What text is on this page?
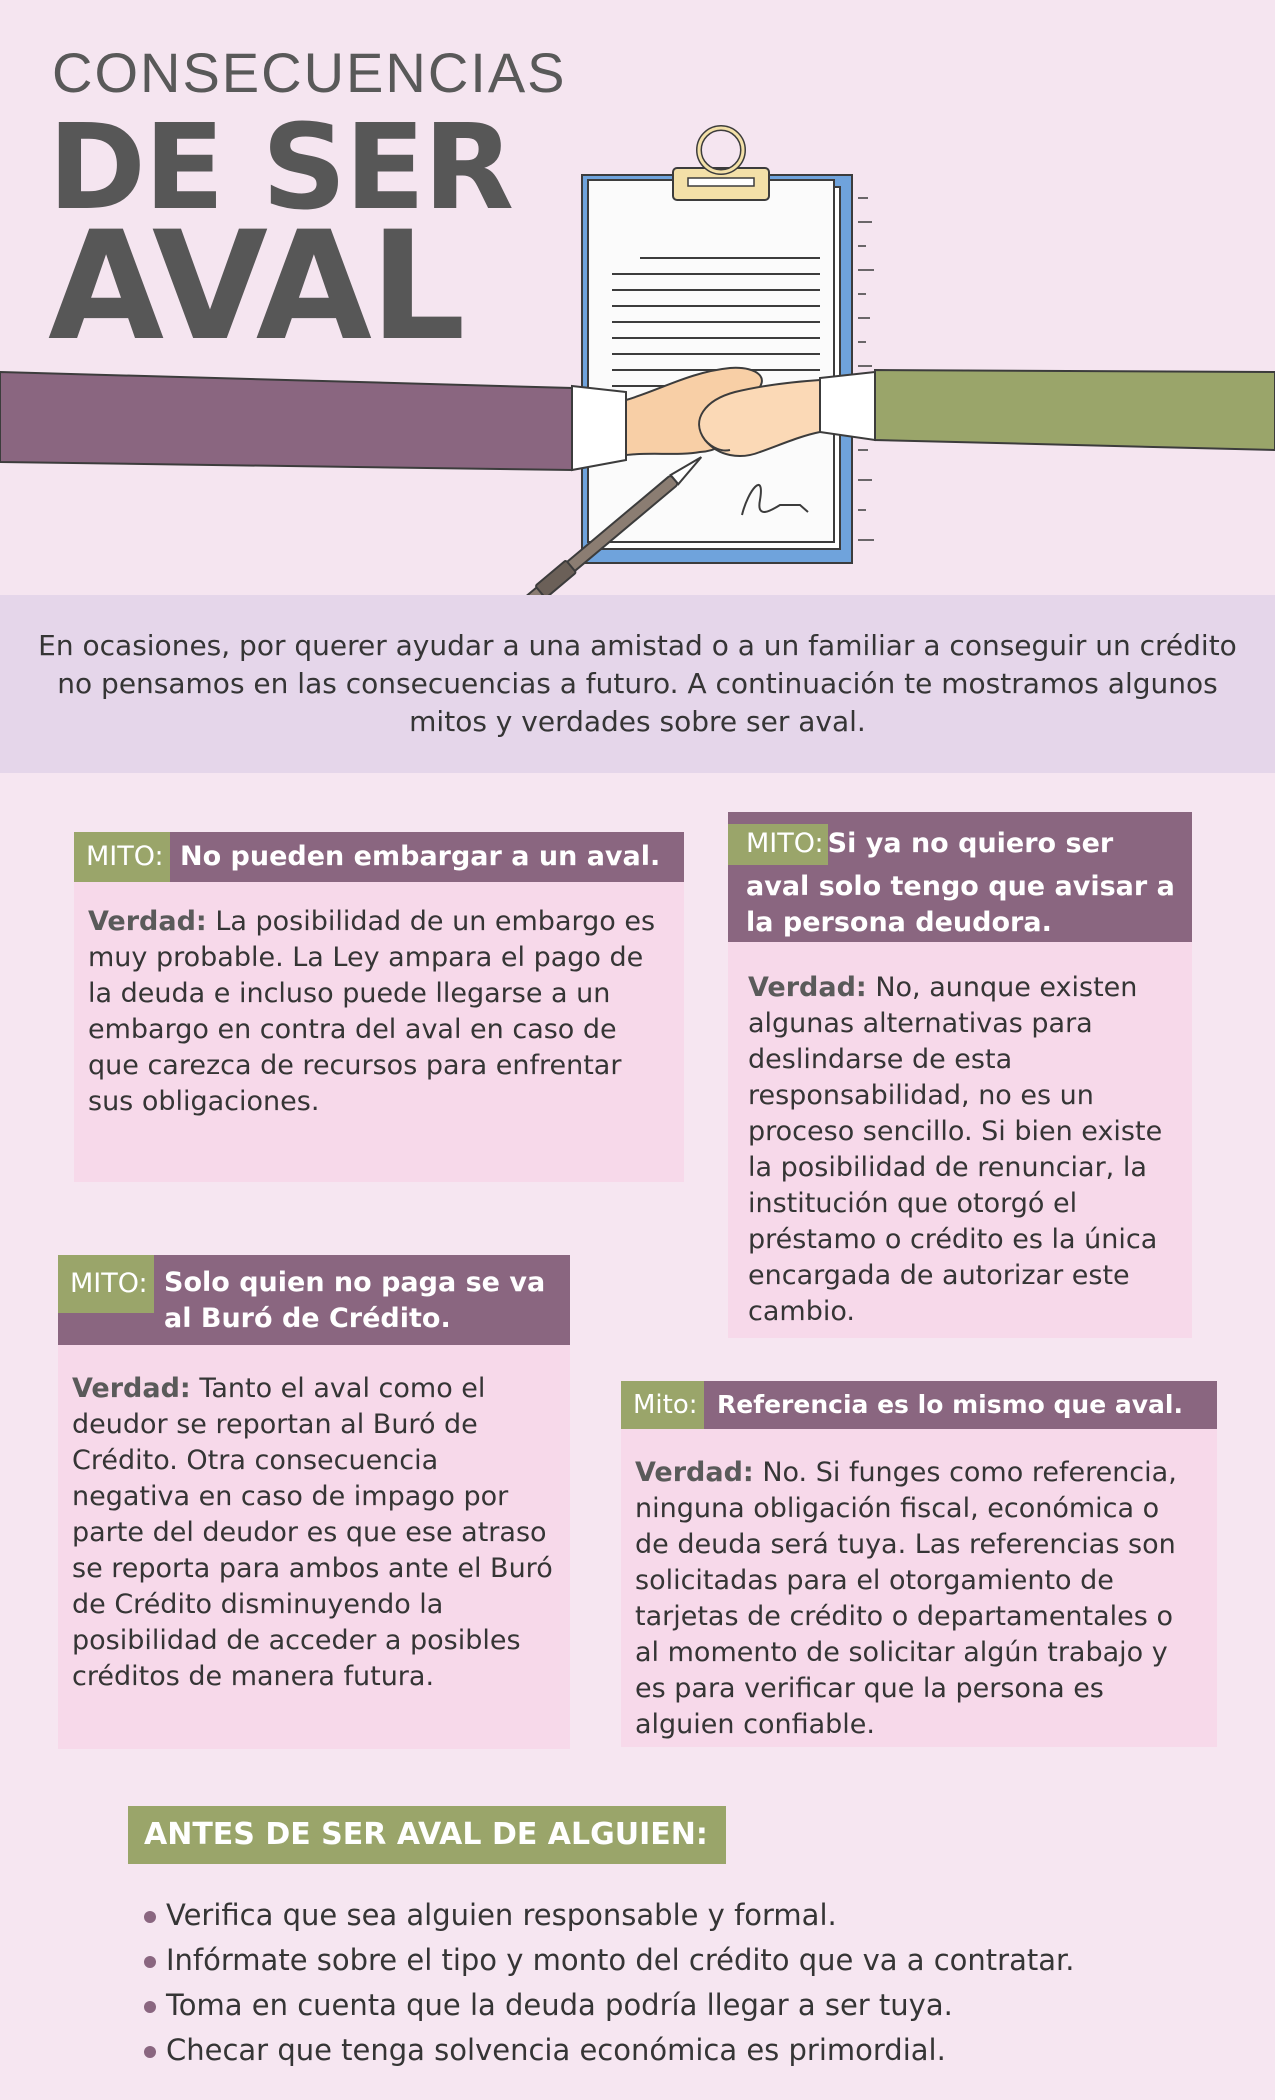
CONSECUENCIAS
DE SER
AVAL

En ocasiones, por querer ayudar a una amistad o a un familiar a conseguir un crédito no pensamos en las consecuencias a futuro. A continuación te mostramos algunos mitos y verdades sobre ser aval.

MITO: No pueden embargar a un aval.
Verdad: La posibilidad de un embargo es muy probable. La Ley ampara el pago de la deuda e incluso puede llegarse a un embargo en contra del aval en caso de que carezca de recursos para enfrentar sus obligaciones.
MITO: Si ya no quiero ser aval solo tengo que avisar a la persona deudora.
Verdad: No, aunque existen algunas alternativas para deslindarse de esta responsabilidad, no es un proceso sencillo. Si bien existe la posibilidad de renunciar, la institución que otorgó el préstamo o crédito es la única encargada de autorizar este cambio.
MITO: Solo quien no paga se va al Buró de Crédito.
Verdad: Tanto el aval como el deudor se reportan al Buró de Crédito. Otra consecuencia negativa en caso de impago por parte del deudor es que ese atraso se reporta para ambos ante el Buró de Crédito disminuyendo la posibilidad de acceder a posibles créditos de manera futura.
Mito: Referencia es lo mismo que aval.
Verdad: No. Si funges como referencia, ninguna obligación fiscal, económica o de deuda será tuya. Las referencias son solicitadas para el otorgamiento de tarjetas de crédito o departamentales o al momento de solicitar algún trabajo y es para verificar que la persona es alguien confiable.
ANTES DE SER AVAL DE ALGUIEN:
Verifica que sea alguien responsable y formal.
Infórmate sobre el tipo y monto del crédito que va a contratar.
Toma en cuenta que la deuda podría llegar a ser tuya.
Checar que tenga solvencia económica es primordial.
